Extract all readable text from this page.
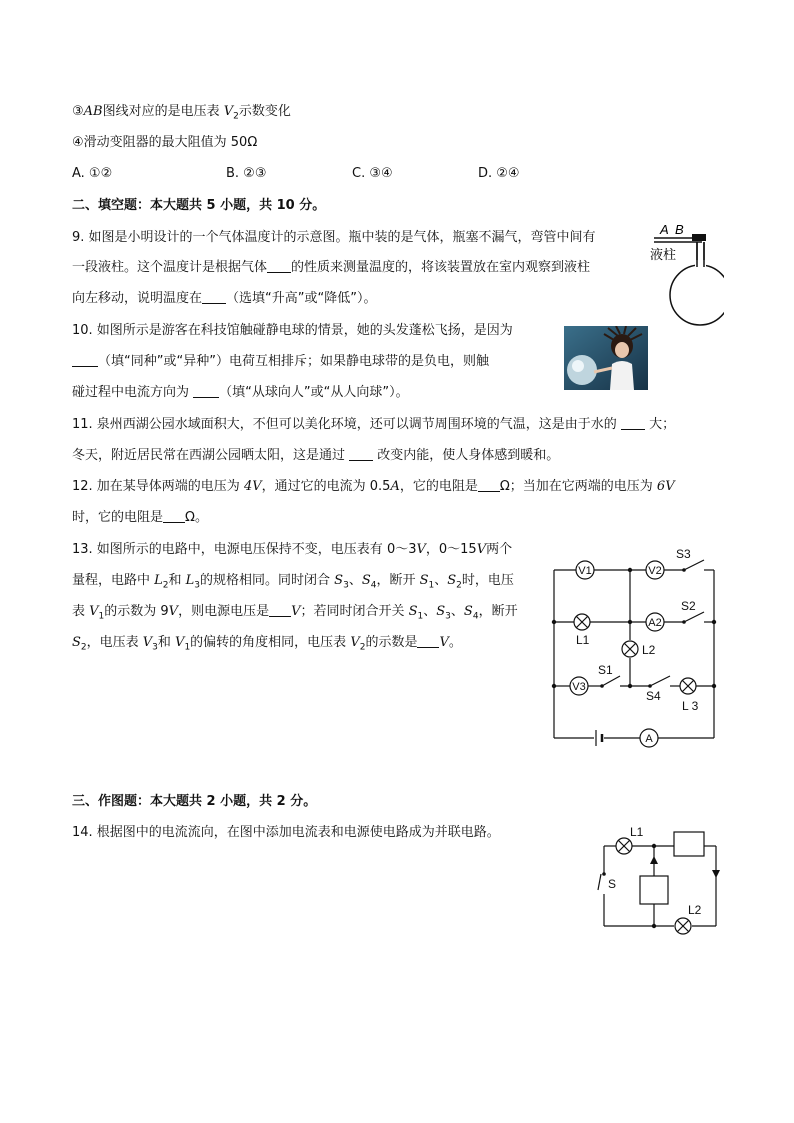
③AB图线对应的是电压表 $V_2$示数变化
④滑动变阻器的最大阻值为 50Ω
A. ①②	B. ②③	C. ③④	D. ②④
二、填空题：本大题共 5 小题，共 10 分。
9. 如图是小明设计的一个气体温度计的示意图。瓶中装的是气体，瓶塞不漏气，弯管中间有
一段液柱。这个温度计是根据气体 的性质来测量温度的，将该装置放在室内观察到液柱
向左移动，说明温度在 （选填“升高”或“降低”）。
A B
液柱
10. 如图所示是游客在科技馆触碰静电球的情景，她的头发蓬松飞扬，是因为
（填“同种”或“异种”）电荷互相排斥；如果静电球带的是负电，则触
碰过程中电流方向为 （填“从球向人”或“从人向球”）。
11. 泉州西湖公园水域面积大，不但可以美化环境，还可以调节周围环境的气温，这是由于水的 大；
冬天，附近居民常在西湖公园晒太阳，这是通过 改变内能，使人身体感到暖和。
12. 加在某导体两端的电压为 4V，通过它的电流为 0.5A，它的电阻是 Ω；当加在它两端的电压为 6V
时，它的电阻是 Ω。
13. 如图所示的电路中，电源电压保持不变，电压表有 0～3V，0～15V两个
量程，电路中 $L_2$和 $L_3$的规格相同。同时闭合 $S_3$、$S_4$，断开 $S_1$、$S_2$时，电压
表 $V_1$的示数为 9V，则电源电压是 V；若同时闭合开关 $S_1$、$S_3$、$S_4$，断开
$S_2$，电压表 $V_3$和 $V_1$的偏转的角度相同，电压表 $V_2$的示数是 V。
V1	V2
V3
A2
A
S3
S2
S1
S4
L1
L2
L 3
三、作图题：本大题共 2 小题，共 2 分。
14. 根据图中的电流流向，在图中添加电流表和电源使电路成为并联电路。	L1
L2
S
